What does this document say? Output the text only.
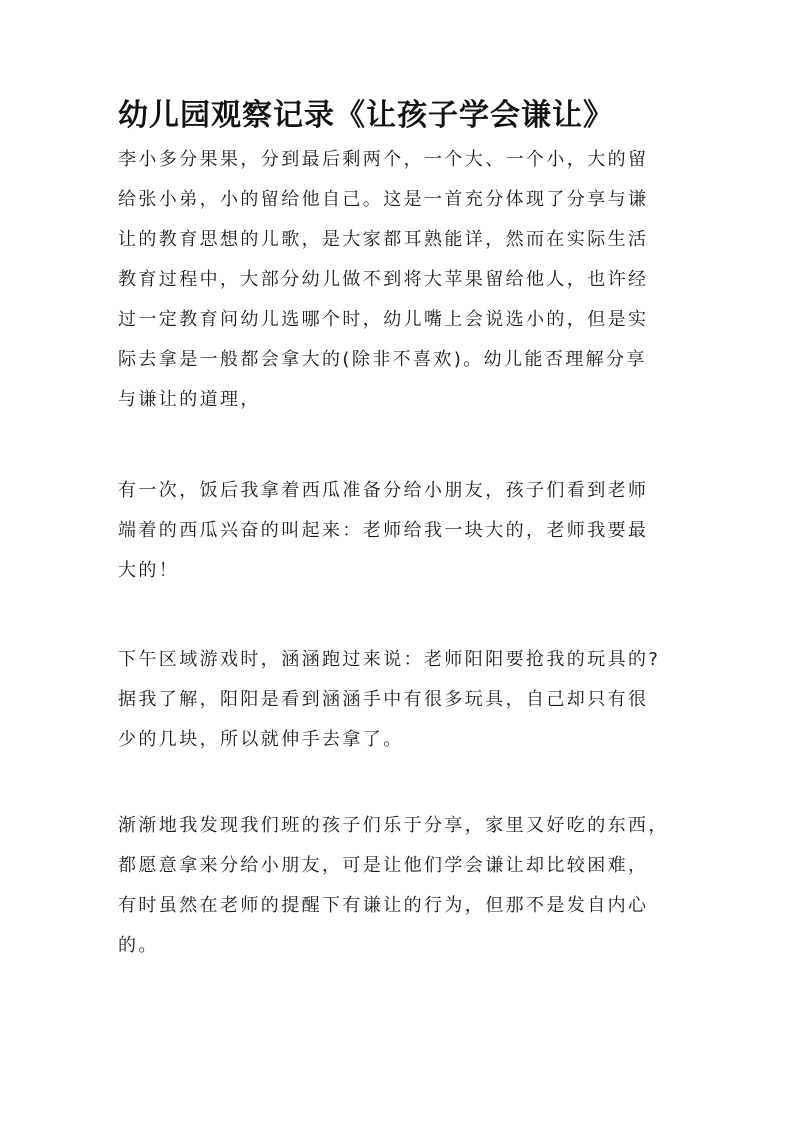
幼儿园观察记录《让孩子学会谦让》

李小多分果果，分到最后剩两个，一个大、一个小，大的留
给张小弟，小的留给他自己。这是一首充分体现了分享与谦
让的教育思想的儿歌，是大家都耳熟能详，然而在实际生活
教育过程中，大部分幼儿做不到将大苹果留给他人，也许经
过一定教育问幼儿选哪个时，幼儿嘴上会说选小的，但是实
际去拿是一般都会拿大的(除非不喜欢)。幼儿能否理解分享
与谦让的道理，

有一次，饭后我拿着西瓜准备分给小朋友，孩子们看到老师
端着的西瓜兴奋的叫起来：老师给我一块大的，老师我要最
大的！

下午区域游戏时，涵涵跑过来说：老师阳阳要抢我的玩具的?
据我了解，阳阳是看到涵涵手中有很多玩具，自己却只有很
少的几块，所以就伸手去拿了。

渐渐地我发现我们班的孩子们乐于分享，家里又好吃的东西，
都愿意拿来分给小朋友，可是让他们学会谦让却比较困难，
有时虽然在老师的提醒下有谦让的行为，但那不是发自内心
的。
